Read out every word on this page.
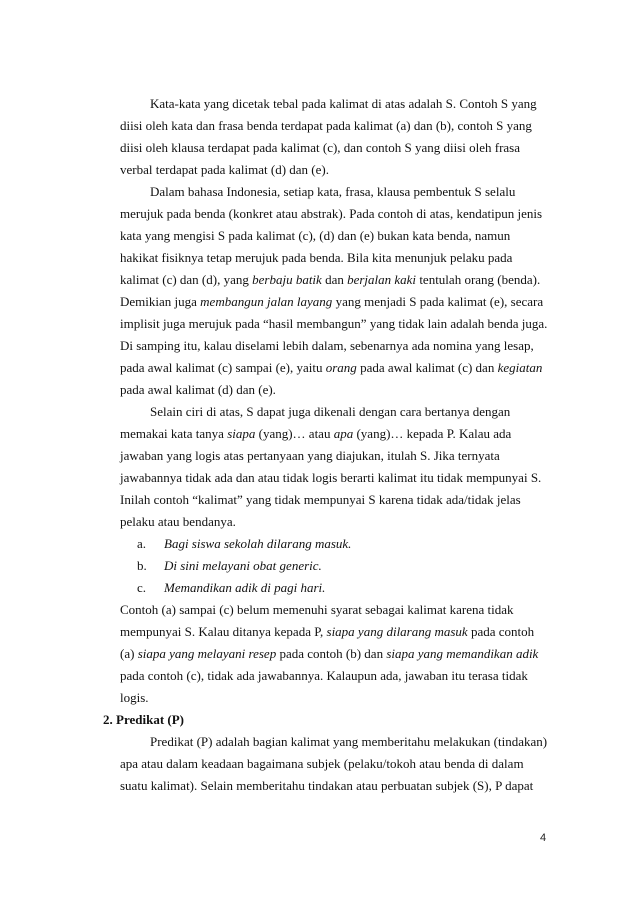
Kata-kata yang dicetak tebal pada kalimat di atas adalah S. Contoh S yang
diisi oleh kata dan frasa benda terdapat pada kalimat (a) dan (b), contoh S yang
diisi oleh klausa terdapat pada kalimat (c), dan contoh S yang diisi oleh frasa
verbal terdapat pada kalimat (d) dan (e).
Dalam bahasa Indonesia, setiap kata, frasa, klausa pembentuk S selalu
merujuk pada benda (konkret atau abstrak). Pada contoh di atas, kendatipun jenis
kata yang mengisi S pada kalimat (c), (d) dan (e) bukan kata benda, namun
hakikat fisiknya tetap merujuk pada benda. Bila kita menunjuk pelaku pada
kalimat (c) dan (d), yang berbaju batik dan berjalan kaki tentulah orang (benda).
Demikian juga membangun jalan layang yang menjadi S pada kalimat (e), secara
implisit juga merujuk pada “hasil membangun” yang tidak lain adalah benda juga.
Di samping itu, kalau diselami lebih dalam, sebenarnya ada nomina yang lesap,
pada awal kalimat (c) sampai (e), yaitu orang pada awal kalimat (c) dan kegiatan
pada awal kalimat (d) dan (e).
Selain ciri di atas, S dapat juga dikenali dengan cara bertanya dengan
memakai kata tanya siapa (yang)… atau apa (yang)… kepada P. Kalau ada
jawaban yang logis atas pertanyaan yang diajukan, itulah S. Jika ternyata
jawabannya tidak ada dan atau tidak logis berarti kalimat itu tidak mempunyai S.
Inilah contoh “kalimat” yang tidak mempunyai S karena tidak ada/tidak jelas
pelaku atau bendanya.
a. Bagi siswa sekolah dilarang masuk.
b. Di sini melayani obat generic.
c. Memandikan adik di pagi hari.
Contoh (a) sampai (c) belum memenuhi syarat sebagai kalimat karena tidak
mempunyai S. Kalau ditanya kepada P, siapa yang dilarang masuk pada contoh
(a) siapa yang melayani resep pada contoh (b) dan siapa yang memandikan adik
pada contoh (c), tidak ada jawabannya. Kalaupun ada, jawaban itu terasa tidak
logis.
2. Predikat (P)
Predikat (P) adalah bagian kalimat yang memberitahu melakukan (tindakan)
apa atau dalam keadaan bagaimana subjek (pelaku/tokoh atau benda di dalam
suatu kalimat). Selain memberitahu tindakan atau perbuatan subjek (S), P dapat
4
